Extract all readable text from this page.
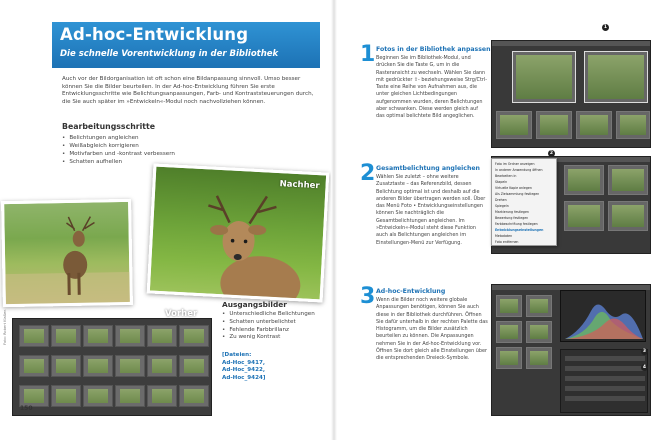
Ad-hoc-Entwicklung
Die schnelle Vorentwicklung in der Bibliothek

Auch vor der Bildorganisation ist oft schon eine Bildanpassung sinnvoll. Umso besser können Sie die Bilder beurteilen. In der Ad-hoc-Entwicklung führen Sie erste Entwicklungsschritte wie Belichtungsanpassungen, Farb- und Kontraststeuerungen durch, die Sie auch später im »Entwickeln«-Modul noch nachvollziehen können.

Bearbeitungsschritte
• Belichtungen angleichen
• Weißabgleich korrigieren
• Motivfarben und -kontrast verbessern
• Schatten aufhellen
Nachher
Vorher
Ausgangsbilder
• Unterschiedliche Belichtungen
• Schatten unterbelichtet
• Fehlende Farbbrillanz
• Zu wenig Kontrast
[Dateien:
Ad-Hoc_9417,
Ad-Hoc_9422,
Ad-Hoc_9424]
150
Foto: Robert Klaßen
1 Fotos in der Bibliothek anpassen
Beginnen Sie im Bibliothek-Modul, und drücken Sie die Taste G, um in die Rasteransicht zu wechseln. Wählen Sie dann mit gedrückter ⇧- beziehungsweise Strg/Ctrl-Taste eine Reihe von Aufnahmen aus, die unter gleichen Lichtbedingungen aufgenommen wurden, deren Belichtungen aber schwanken. Diese werden gleich auf das optimal belichtete Bild angeglichen.
2 Gesamtbelichtung angleichen
Wählen Sie zuletzt – ohne weitere Zusatztaste – das Referenzbild, dessen Belichtung optimal ist und deshalb auf die anderen Bilder übertragen werden soll. Über das Menü Foto • Entwicklungseinstellungen können Sie nachträglich die Gesamtbelichtungen angleichen. Im »Entwickeln«-Modul steht diese Funktion auch als Belichtungen angleichen im Einstellungen-Menü zur Verfügung.
3 Ad-hoc-Entwicklung
Wenn die Bilder noch weitere globale Anpassungen benötigen, können Sie auch diese in der Bibliothek durchführen. Öffnen Sie dafür unterhalb in der rechten Palette das Histogramm, um die Bilder zusätzlich beurteilen zu können. Die Anpassungen nehmen Sie in der Ad-hoc-Entwicklung vor. Öffnen Sie dort gleich alle Einstellungen über die entsprechenden Dreieck-Symbole.
1
Foto im Ordner anzeigen
In anderer Anwendung öffnen
Bearbeiten in
Stapeln
Virtuelle Kopie anlegen
Als Zielsammlung festlegen
Drehen
Spiegeln
Markierung festlegen
Bewertung festlegen
Farbbeschriftung festlegen
Entwicklungseinstellungen
Metadaten
Foto entfernen
2
3
4
